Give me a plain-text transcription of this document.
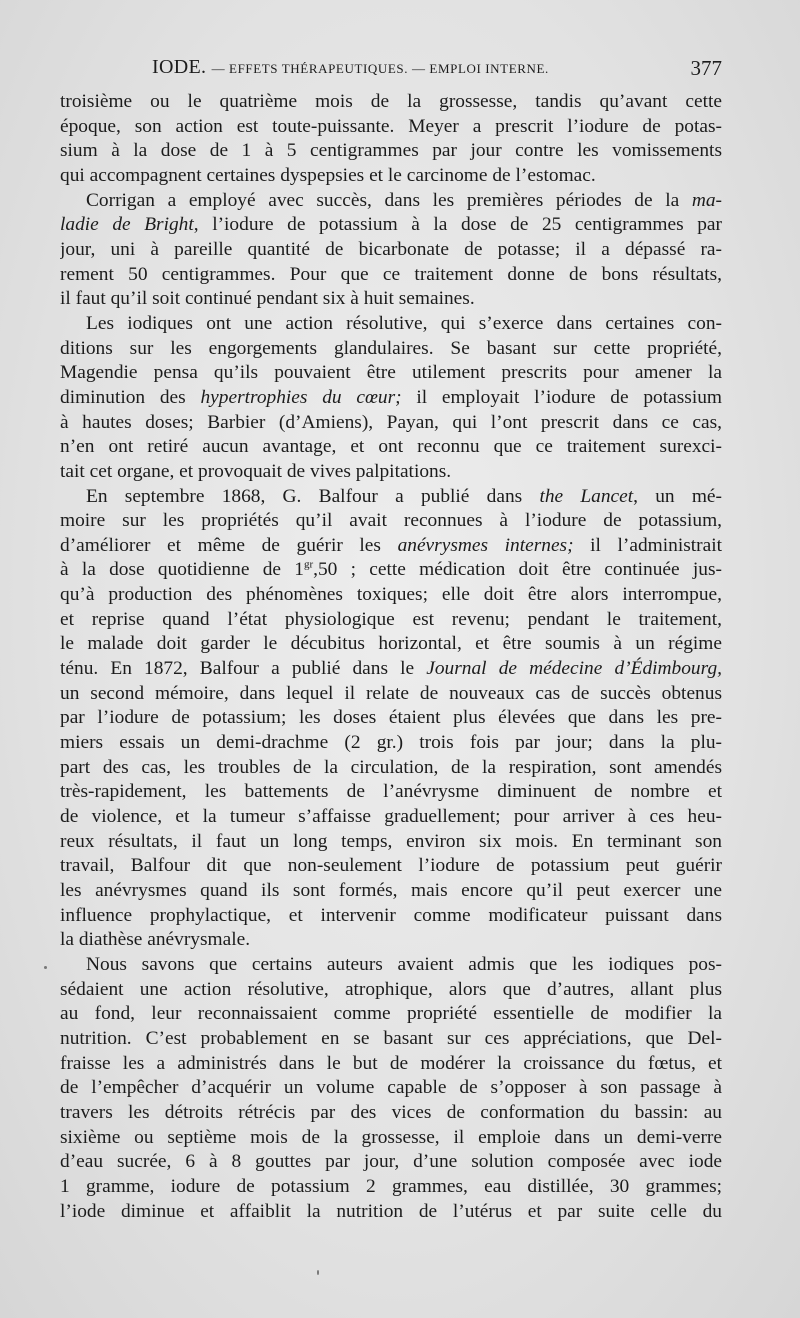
IODE. — EFFETS THÉRAPEUTIQUES. — EMPLOI INTERNE.	377
troisième ou le quatrième mois de la grossesse, tandis qu’avant cette
époque, son action est toute-puissante. Meyer a prescrit l’iodure de potas-
sium à la dose de 1 à 5 centigrammes par jour contre les vomissements
qui accompagnent certaines dyspepsies et le carcinome de l’estomac.
Corrigan a employé avec succès, dans les premières périodes de la ma-
ladie de Bright, l’iodure de potassium à la dose de 25 centigrammes par
jour, uni à pareille quantité de bicarbonate de potasse; il a dépassé ra-
rement 50 centigrammes. Pour que ce traitement donne de bons résultats,
il faut qu’il soit continué pendant six à huit semaines.
Les iodiques ont une action résolutive, qui s’exerce dans certaines con-
ditions sur les engorgements glandulaires. Se basant sur cette propriété,
Magendie pensa qu’ils pouvaient être utilement prescrits pour amener la
diminution des hypertrophies du cœur; il employait l’iodure de potassium
à hautes doses; Barbier (d’Amiens), Payan, qui l’ont prescrit dans ce cas,
n’en ont retiré aucun avantage, et ont reconnu que ce traitement surexci-
tait cet organe, et provoquait de vives palpitations.
En septembre 1868, G. Balfour a publié dans the Lancet, un mé-
moire sur les propriétés qu’il avait reconnues à l’iodure de potassium,
d’améliorer et même de guérir les anévrysmes internes; il l’administrait
à la dose quotidienne de $1^{gr},50$ ; cette médication doit être continuée jus-
qu’à production des phénomènes toxiques; elle doit être alors interrompue,
et reprise quand l’état physiologique est revenu; pendant le traitement,
le malade doit garder le décubitus horizontal, et être soumis à un régime
ténu. En 1872, Balfour a publié dans le Journal de médecine d’Édimbourg,
un second mémoire, dans lequel il relate de nouveaux cas de succès obtenus
par l’iodure de potassium; les doses étaient plus élevées que dans les pre-
miers essais un demi-drachme (2 gr.) trois fois par jour; dans la plu-
part des cas, les troubles de la circulation, de la respiration, sont amendés
très-rapidement, les battements de l’anévrysme diminuent de nombre et
de violence, et la tumeur s’affaisse graduellement; pour arriver à ces heu-
reux résultats, il faut un long temps, environ six mois. En terminant son
travail, Balfour dit que non-seulement l’iodure de potassium peut guérir
les anévrysmes quand ils sont formés, mais encore qu’il peut exercer une
influence prophylactique, et intervenir comme modificateur puissant dans
la diathèse anévrysmale.
Nous savons que certains auteurs avaient admis que les iodiques pos-
sédaient une action résolutive, atrophique, alors que d’autres, allant plus
au fond, leur reconnaissaient comme propriété essentielle de modifier la
nutrition. C’est probablement en se basant sur ces appréciations, que Del-
fraisse les a administrés dans le but de modérer la croissance du fœtus, et
de l’empêcher d’acquérir un volume capable de s’opposer à son passage à
travers les détroits rétrécis par des vices de conformation du bassin: au
sixième ou septième mois de la grossesse, il emploie dans un demi-verre
d’eau sucrée, 6 à 8 gouttes par jour, d’une solution composée avec iode
1 gramme, iodure de potassium 2 grammes, eau distillée, 30 grammes;
l’iode diminue et affaiblit la nutrition de l’utérus et par suite celle du
